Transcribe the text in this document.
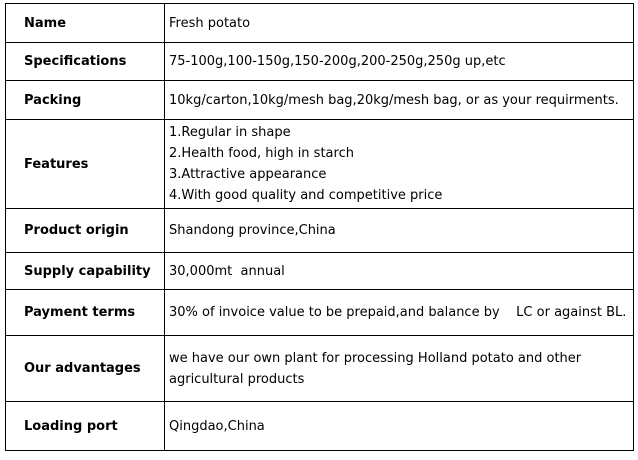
Name	Fresh potato
Specifications	75-100g,100-150g,150-200g,200-250g,250g up,etc
Packing	10kg/carton,10kg/mesh bag,20kg/mesh bag, or as your requirments.
Features	1.Regular in shape
2.Health food, high in starch
3.Attractive appearance
4.With good quality and competitive price

Product origin	Shandong province,China
Supply capability	30,000mt  annual
Payment terms	30% of invoice value to be prepaid,and balance by    LC or against BL.
Our advantages	we have our own plant for processing Holland potato and other agricultural products
Loading port	Qingdao,China
